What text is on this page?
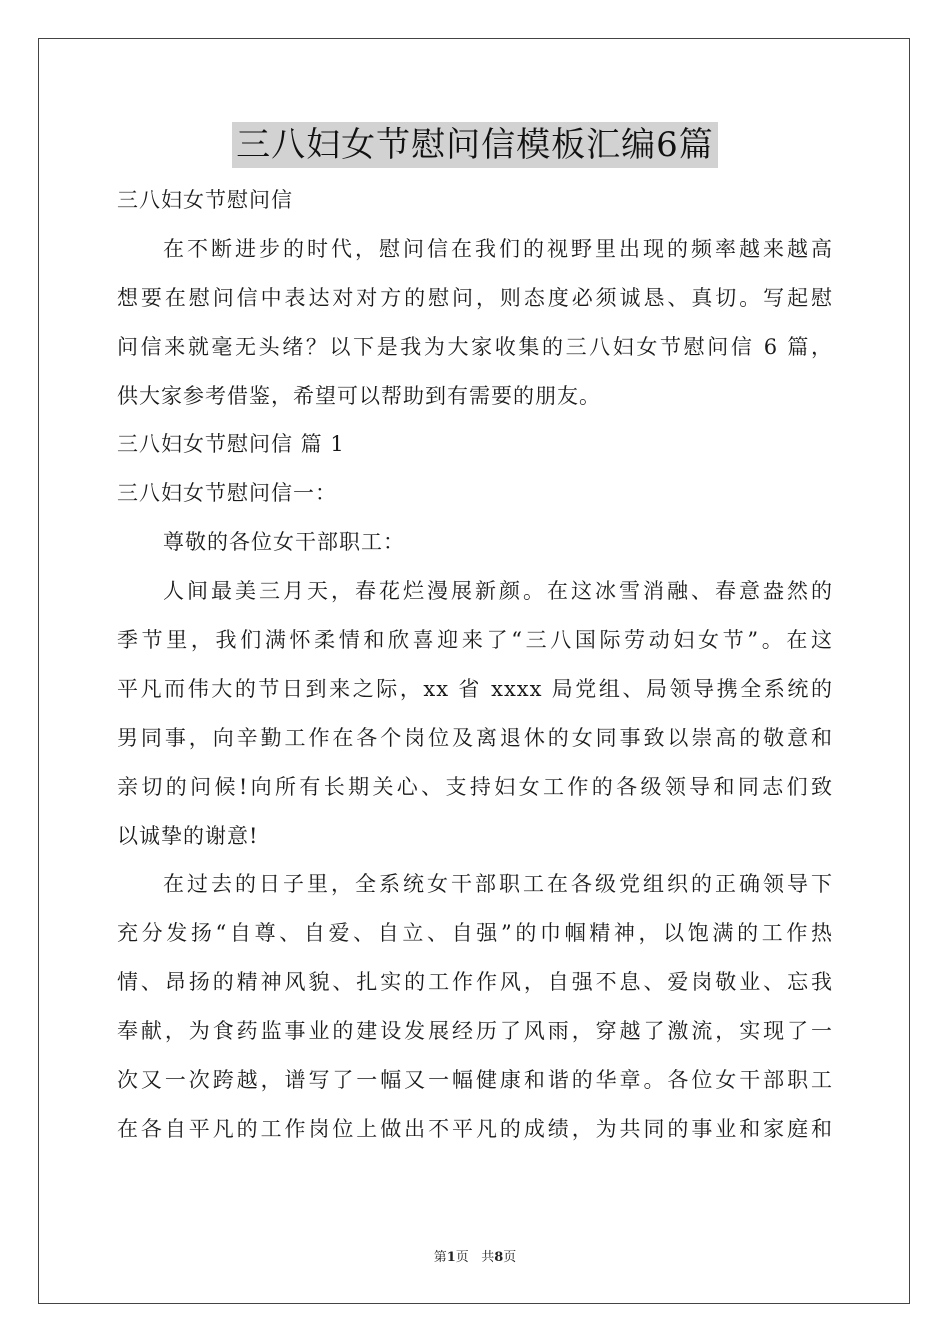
三八妇女节慰问信模板汇编6篇
三八妇女节慰问信
在不断进步的时代，慰问信在我们的视野里出现的频率越来越高
想要在慰问信中表达对对方的慰问，则态度必须诚恳、真切。写起慰
问信来就毫无头绪？以下是我为大家收集的三八妇女节慰问信 6 篇，
供大家参考借鉴，希望可以帮助到有需要的朋友。
三八妇女节慰问信 篇 1
三八妇女节慰问信一：
尊敬的各位女干部职工：
人间最美三月天，春花烂漫展新颜。在这冰雪消融、春意盎然的
季节里，我们满怀柔情和欣喜迎来了“三八国际劳动妇女节”。在这
平凡而伟大的节日到来之际，xx 省 xxxx 局党组、局领导携全系统的
男同事，向辛勤工作在各个岗位及离退休的女同事致以崇高的敬意和
亲切的问候!向所有长期关心、支持妇女工作的各级领导和同志们致
以诚挚的谢意!
在过去的日子里，全系统女干部职工在各级党组织的正确领导下
充分发扬“自尊、自爱、自立、自强”的巾帼精神，以饱满的工作热
情、昂扬的精神风貌、扎实的工作作风，自强不息、爱岗敬业、忘我
奉献，为食药监事业的建设发展经历了风雨，穿越了激流，实现了一
次又一次跨越，谱写了一幅又一幅健康和谐的华章。各位女干部职工
在各自平凡的工作岗位上做出不平凡的成绩，为共同的事业和家庭和
第1页 共8页
